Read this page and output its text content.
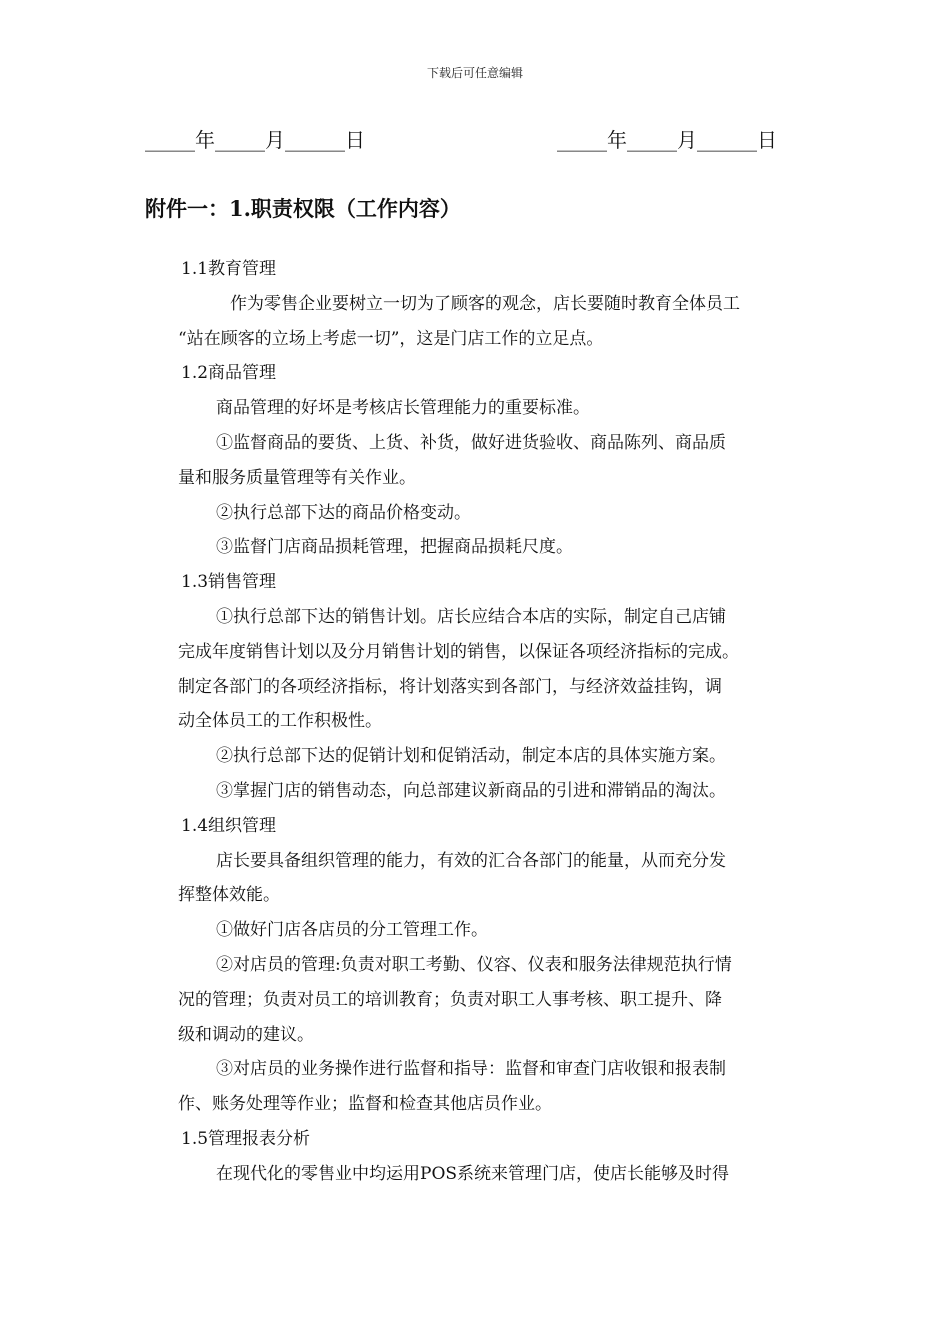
下载后可任意编辑
_____年_____月______日	_____年_____月______日
附件一：1.职责权限（工作内容）
1.1教育管理
作为零售企业要树立一切为了顾客的观念，店长要随时教育全体员工
“站在顾客的立场上考虑一切”，这是门店工作的立足点。
1.2商品管理
商品管理的好坏是考核店长管理能力的重要标准。
①监督商品的要货、上货、补货，做好进货验收、商品陈列、商品质
量和服务质量管理等有关作业。
②执行总部下达的商品价格变动。
③监督门店商品损耗管理，把握商品损耗尺度。
1.3销售管理
①执行总部下达的销售计划。店长应结合本店的实际，制定自己店铺
完成年度销售计划以及分月销售计划的销售，以保证各项经济指标的完成。
制定各部门的各项经济指标，将计划落实到各部门，与经济效益挂钩，调
动全体员工的工作积极性。
②执行总部下达的促销计划和促销活动，制定本店的具体实施方案。
③掌握门店的销售动态，向总部建议新商品的引进和滞销品的淘汰。
1.4组织管理
店长要具备组织管理的能力，有效的汇合各部门的能量，从而充分发
挥整体效能。
①做好门店各店员的分工管理工作。
②对店员的管理:负责对职工考勤、仪容、仪表和服务法律规范执行情
况的管理；负责对员工的培训教育；负责对职工人事考核、职工提升、降
级和调动的建议。
③对店员的业务操作进行监督和指导：监督和审查门店收银和报表制
作、账务处理等作业；监督和检查其他店员作业。
1.5管理报表分析
在现代化的零售业中均运用POS系统来管理门店，使店长能够及时得
